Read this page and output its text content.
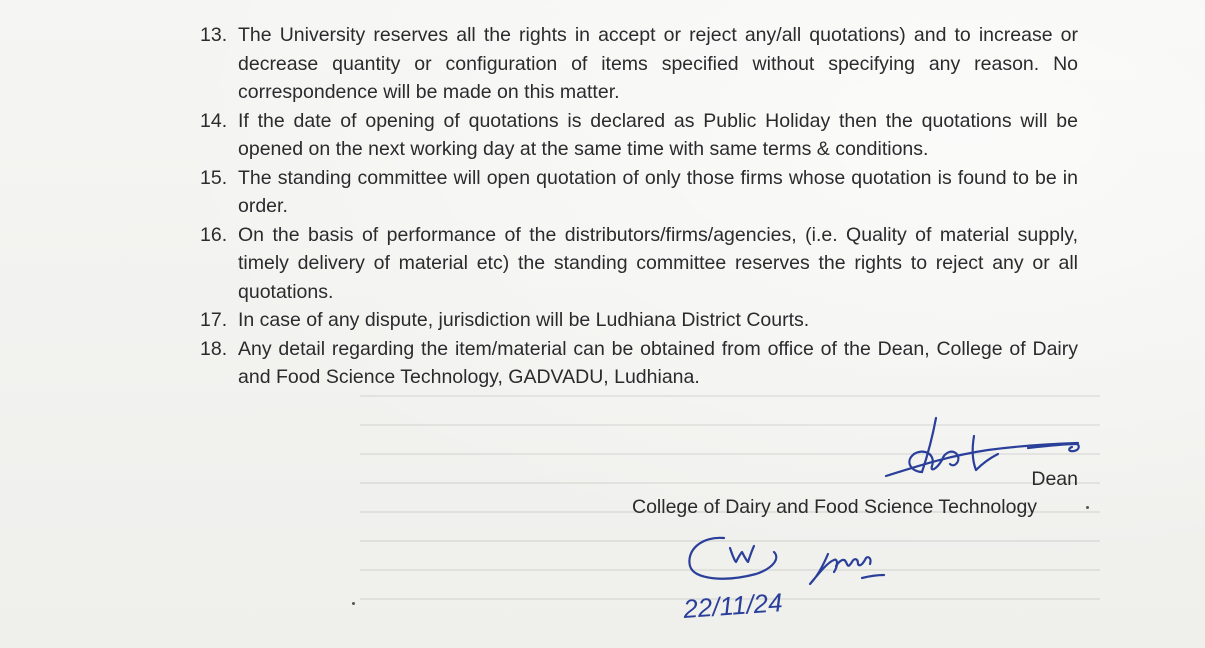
13. The University reserves all the rights in accept or reject any/all quotations) and to increase or decrease quantity or configuration of items specified without specifying any reason. No correspondence will be made on this matter.
14. If the date of opening of quotations is declared as Public Holiday then the quotations will be opened on the next working day at the same time with same terms & conditions.
15. The standing committee will open quotation of only those firms whose quotation is found to be in order.
16. On the basis of performance of the distributors/firms/agencies, (i.e. Quality of material supply, timely delivery of material etc) the standing committee reserves the rights to reject any or all quotations.
17. In case of any dispute, jurisdiction will be Ludhiana District Courts.
18. Any detail regarding the item/material can be obtained from office of the Dean, College of Dairy and Food Science Technology, GADVADU, Ludhiana.
Dean
College of Dairy and Food Science Technology
22/11/24
